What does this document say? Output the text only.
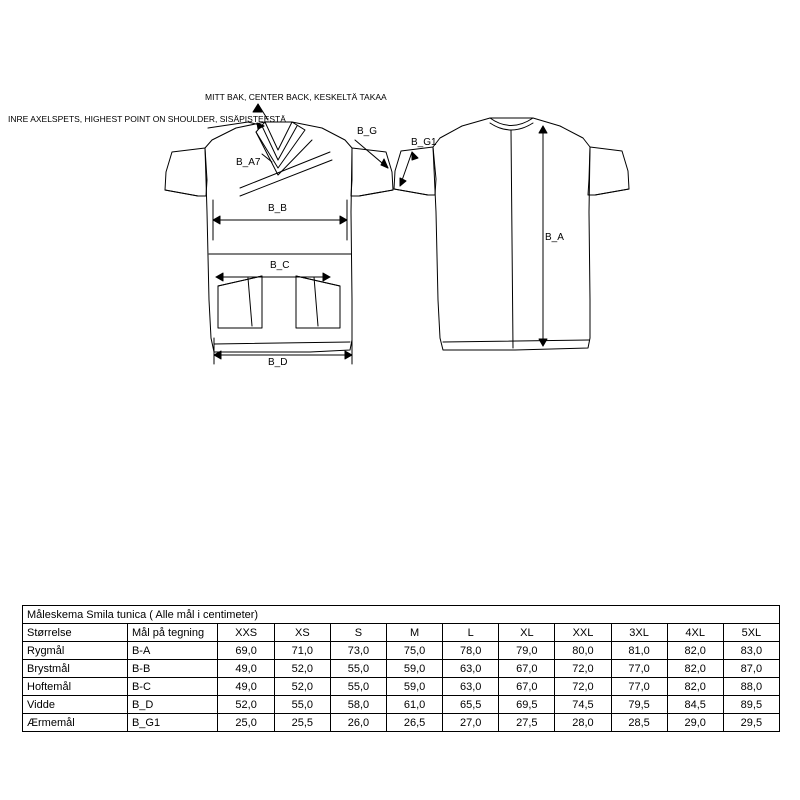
MITT BAK, CENTER BACK, KESKELTÄ TAKAA
INRE AXELSPETS, HIGHEST POINT ON SHOULDER, SISÄPISTEESTÄ
B_A7
B_G
B_B
B_C
B_D
B_G1
B_A
Måleskema Smila tunica ( Alle mål i centimeter)											
Størrelse	Mål på tegning	XXS	XS	S	M	L	XL	XXL	3XL	4XL	5XL
Rygmål	B-A	69,0	71,0	73,0	75,0	78,0	79,0	80,0	81,0	82,0	83,0
Brystmål	B-B	49,0	52,0	55,0	59,0	63,0	67,0	72,0	77,0	82,0	87,0
Hoftemål	B-C	49,0	52,0	55,0	59,0	63,0	67,0	72,0	77,0	82,0	88,0
Vidde	B_D	52,0	55,0	58,0	61,0	65,5	69,5	74,5	79,5	84,5	89,5
Ærmemål	B_G1	25,0	25,5	26,0	26,5	27,0	27,5	28,0	28,5	29,0	29,5
